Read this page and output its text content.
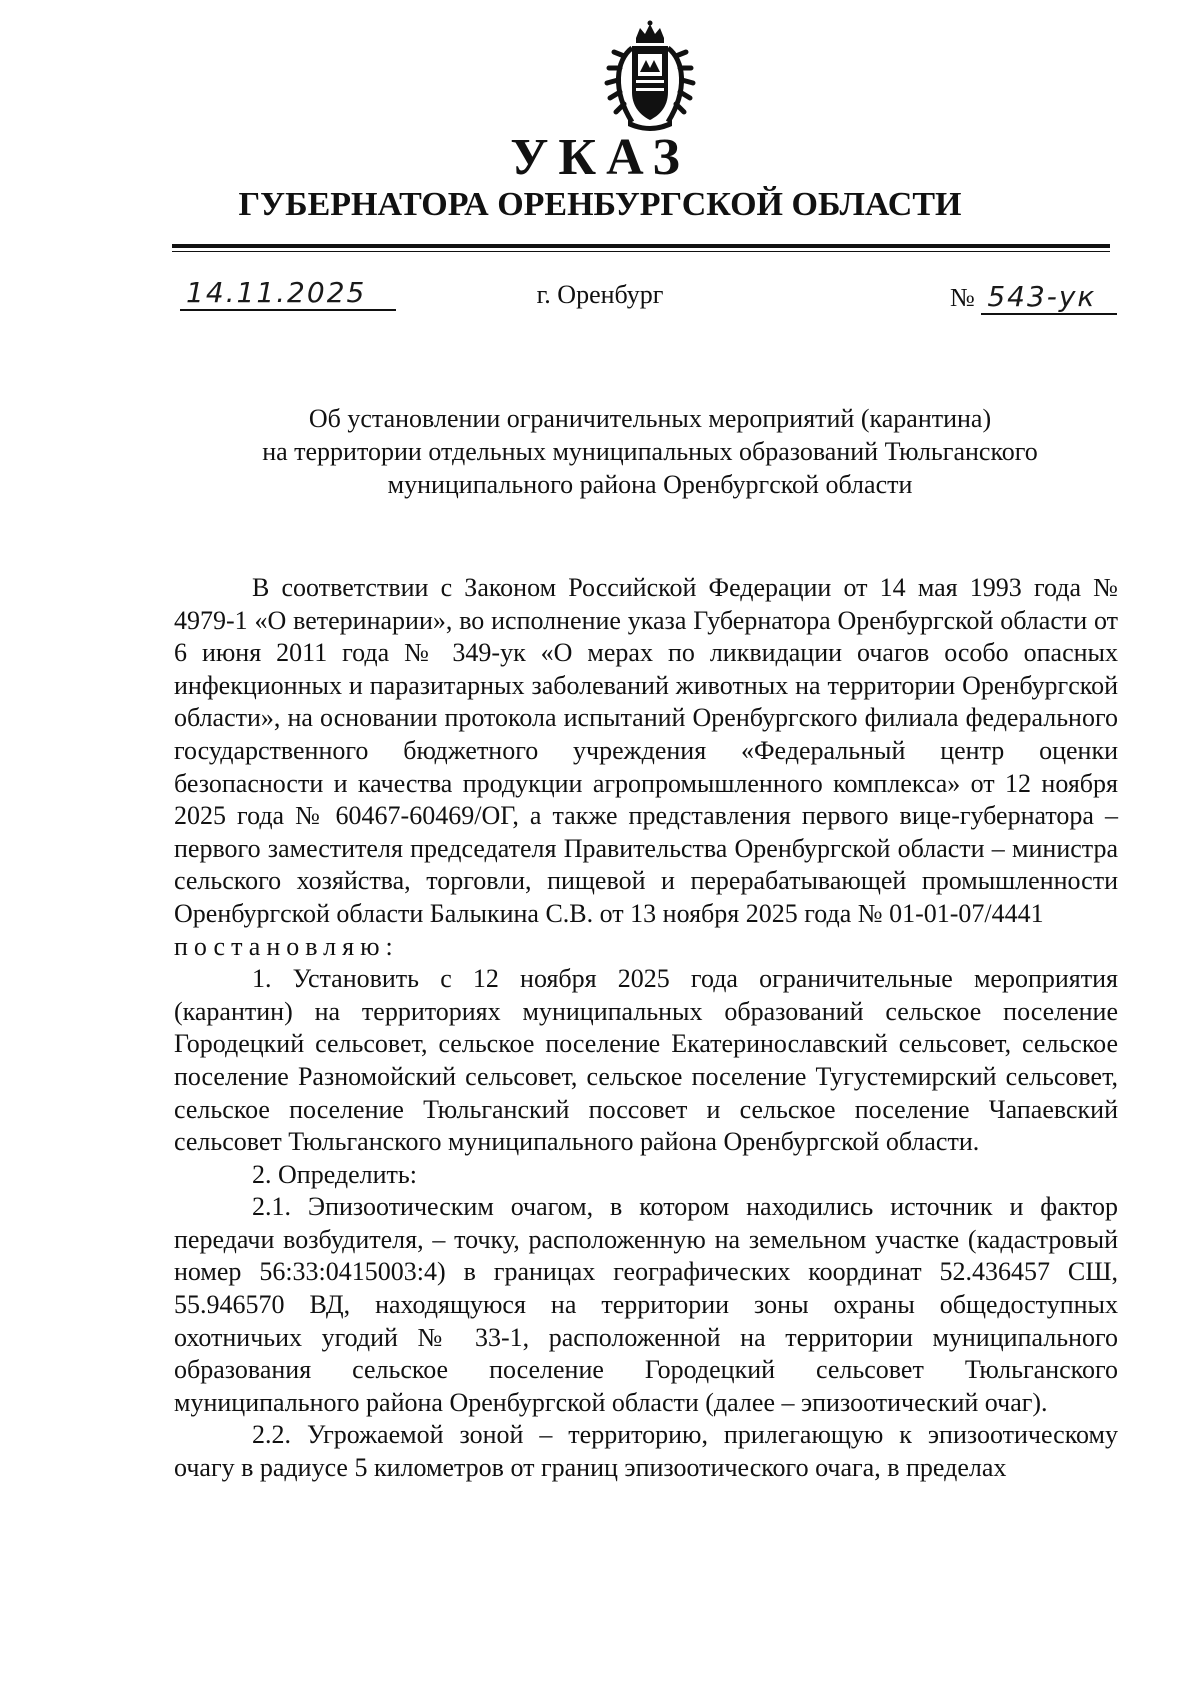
УКАЗ
ГУБЕРНАТОРА ОРЕНБУРГСКОЙ ОБЛАСТИ
14.11.2025	г. Оренбург	№ 543-ук
Об установлении ограничительных мероприятий (карантина)
на территории отдельных муниципальных образований Тюльганского
муниципального района Оренбургской области

В соответствии с Законом Российской Федерации от 14 мая 1993 года № 4979-1 «О ветеринарии», во исполнение указа Губернатора Оренбургской области от 6 июня 2011 года № 349-ук «О мерах по ликвидации очагов особо опасных инфекционных и паразитарных заболеваний животных на территории Оренбургской области», на основании протокола испытаний Оренбургского филиала федерального государственного бюджетного учреждения «Федеральный центр оценки безопасности и качества продукции агропромышленного комплекса» от 12 ноября 2025 года № 60467-60469/ОГ, а также представления первого вице-губернатора – первого заместителя председателя Правительства Оренбургской области – министра сельского хозяйства, торговли, пищевой и перерабатывающей промышленности Оренбургской области Балыкина С.В. от 13 ноября 2025 года № 01-01-07/4441

постановляю:

1. Установить с 12 ноября 2025 года ограничительные мероприятия (карантин) на территориях муниципальных образований сельское поселение Городецкий сельсовет, сельское поселение Екатеринославский сельсовет, сельское поселение Разномойский сельсовет, сельское поселение Тугустемирский сельсовет, сельское поселение Тюльганский поссовет и сельское поселение Чапаевский сельсовет Тюльганского муниципального района Оренбургской области.

2. Определить:

2.1. Эпизоотическим очагом, в котором находились источник и фактор передачи возбудителя, – точку, расположенную на земельном участке (кадастровый номер 56:33:0415003:4) в границах географических координат 52.436457 СШ, 55.946570 ВД, находящуюся на территории зоны охраны общедоступных охотничьих угодий № 33-1, расположенной на территории муниципального образования сельское поселение Городецкий сельсовет Тюльганского муниципального района Оренбургской области (далее – эпизоотический очаг).

2.2. Угрожаемой зоной – территорию, прилегающую к эпизоотическому очагу в радиусе 5 километров от границ эпизоотического очага, в пределах
